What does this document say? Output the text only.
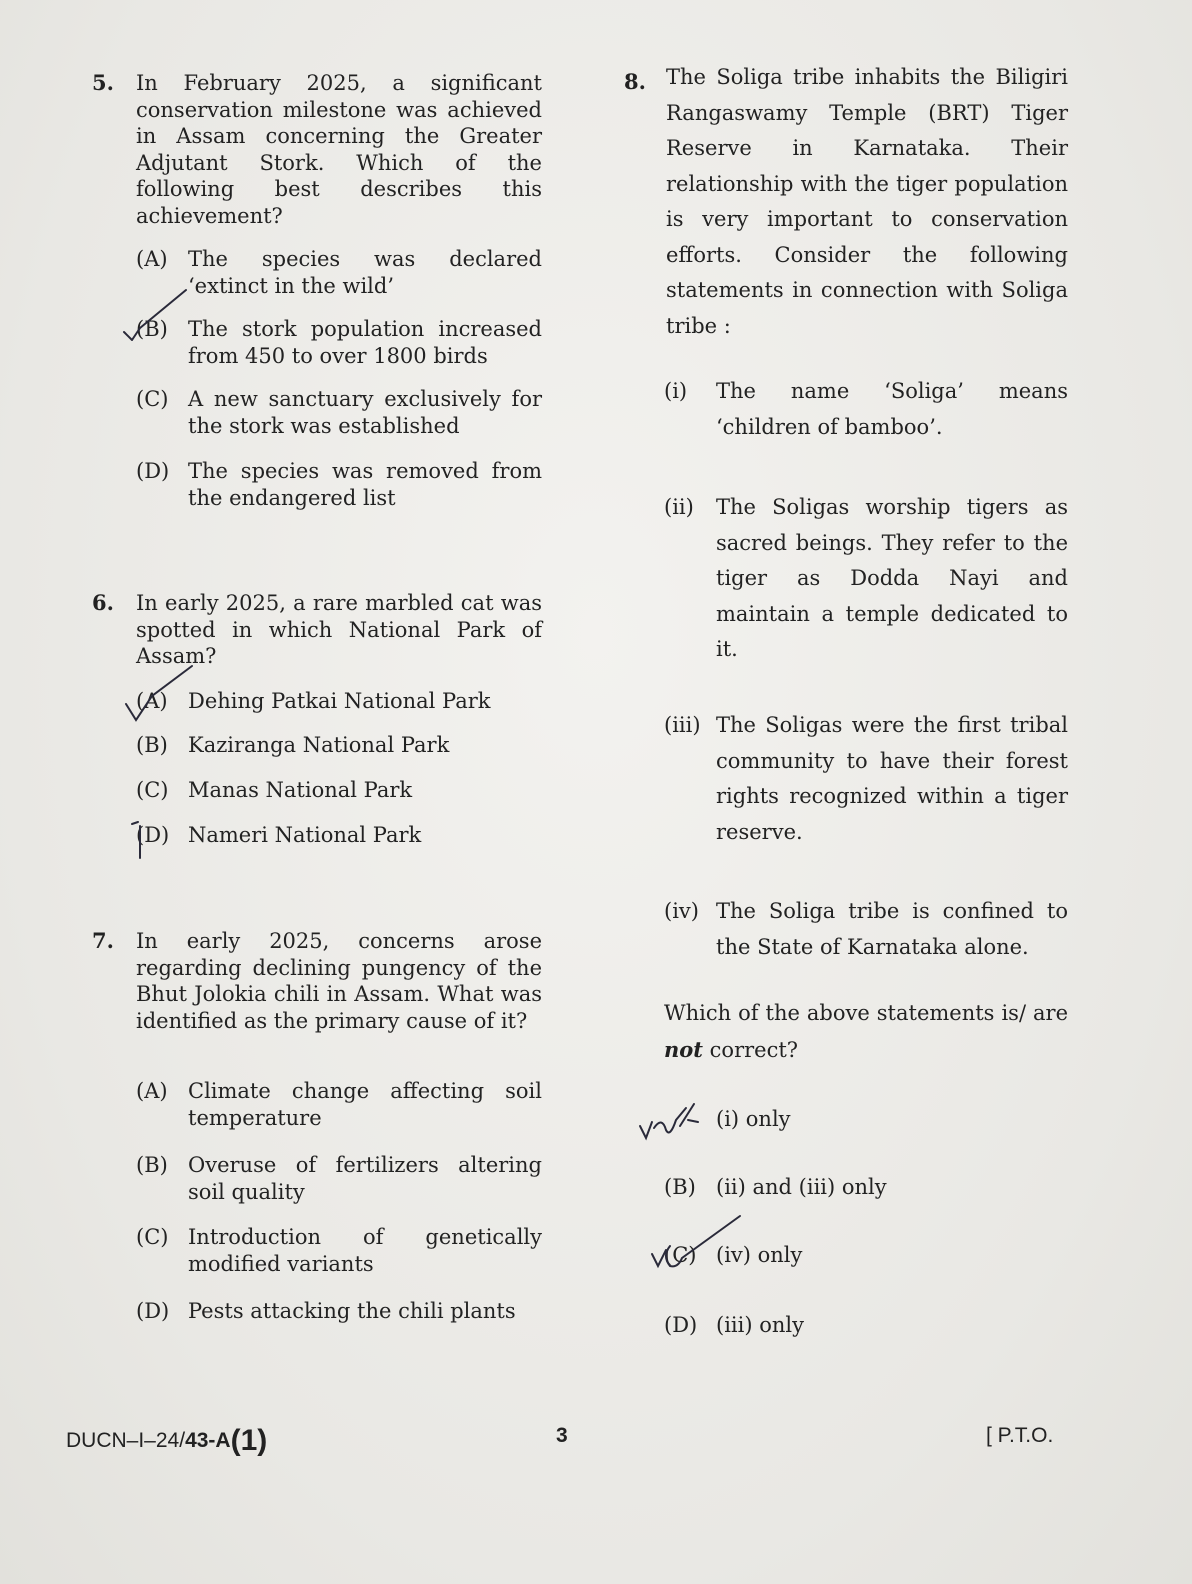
5. In February 2025, a significant conservation milestone was achieved in Assam concerning the Greater Adjutant Stork. Which of the following best describes this achievement?
(A) The species was declared ‘extinct in the wild’
(B) The stork population increased from 450 to over 1800 birds
(C) A new sanctuary exclusively for the stork was established
(D) The species was removed from the endangered list
6. In early 2025, a rare marbled cat was spotted in which National Park of Assam?
(A) Dehing Patkai National Park
(B) Kaziranga National Park
(C) Manas National Park
(D) Nameri National Park
7. In early 2025, concerns arose regarding declining pungency of the Bhut Jolokia chili in Assam. What was identified as the primary cause of it?
(A) Climate change affecting soil temperature
(B) Overuse of fertilizers altering soil quality
(C) Introduction of genetically modified variants
(D) Pests attacking the chili plants
8. The Soliga tribe inhabits the Biligiri Rangaswamy Temple (BRT) Tiger Reserve in Karnataka. Their relationship with the tiger population is very important to conservation efforts. Consider the following statements in connection with Soliga tribe :
(i) The name ‘Soliga’ means ‘children of bamboo’.
(ii) The Soligas worship tigers as sacred beings. They refer to the tiger as Dodda Nayi and maintain a temple dedicated to it.
(iii) The Soligas were the first tribal community to have their forest rights recognized within a tiger reserve.
(iv) The Soliga tribe is confined to the State of Karnataka alone.
Which of the above statements is/ are not correct?
(i) only
(B) (ii) and (iii) only
(C) (iv) only
(D) (iii) only
DUCN–I–24/43-A(1)	3	[ P.T.O.
